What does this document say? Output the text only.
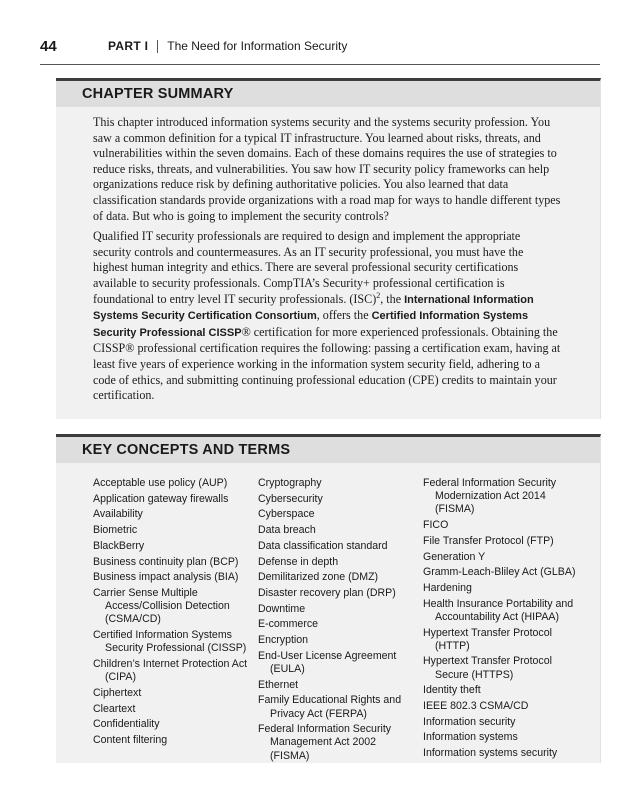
44	PART I The Need for Information Security
CHAPTER SUMMARY

This chapter introduced information systems security and the systems security profession. You saw a common definition for a typical IT infrastructure. You learned about risks, threats, and vulnerabilities within the seven domains. Each of these domains requires the use of strategies to reduce risks, threats, and vulnerabilities. You saw how IT security policy frameworks can help organizations reduce risk by defining authoritative policies. You also learned that data classification standards provide organizations with a road map for ways to handle different types of data. But who is going to implement the security controls?

Qualified IT security professionals are required to design and implement the appropriate security controls and countermeasures. As an IT security professional, you must have the highest human integrity and ethics. There are several professional security certifications available to security professionals. CompTIA’s Security+ professional certification is foundational to entry level IT security professionals. (ISC)$^2$, the International Information Systems Security Certification Consortium, offers the Certified Information Systems Security Professional CISSP® certification for more experienced professionals. Obtaining the CISSP® professional certification requires the following: passing a certification exam, having at least five years of experience working in the information system security field, adhering to a code of ethics, and submitting continuing professional education (CPE) credits to maintain your certification.

KEY CONCEPTS AND TERMS
Acceptable use policy (AUP)
Application gateway firewalls
Availability
Biometric
BlackBerry
Business continuity plan (BCP)
Business impact analysis (BIA)
Carrier Sense Multiple Access/Collision Detection (CSMA/CD)
Certified Information Systems Security Professional (CISSP)
Children’s Internet Protection Act (CIPA)
Ciphertext
Cleartext
Confidentiality
Content filtering
Cryptography
Cybersecurity
Cyberspace
Data breach
Data classification standard
Defense in depth
Demilitarized zone (DMZ)
Disaster recovery plan (DRP)
Downtime
E-commerce
Encryption
End-User License Agreement (EULA)
Ethernet
Family Educational Rights and Privacy Act (FERPA)
Federal Information Security Management Act 2002 (FISMA)
Federal Information Security Modernization Act 2014 (FISMA)
FICO
File Transfer Protocol (FTP)
Generation Y
Gramm-Leach-Bliley Act (GLBA)
Hardening
Health Insurance Portability and Accountability Act (HIPAA)
Hypertext Transfer Protocol (HTTP)
Hypertext Transfer Protocol Secure (HTTPS)
Identity theft
IEEE 802.3 CSMA/CD
Information security
Information systems
Information systems security
